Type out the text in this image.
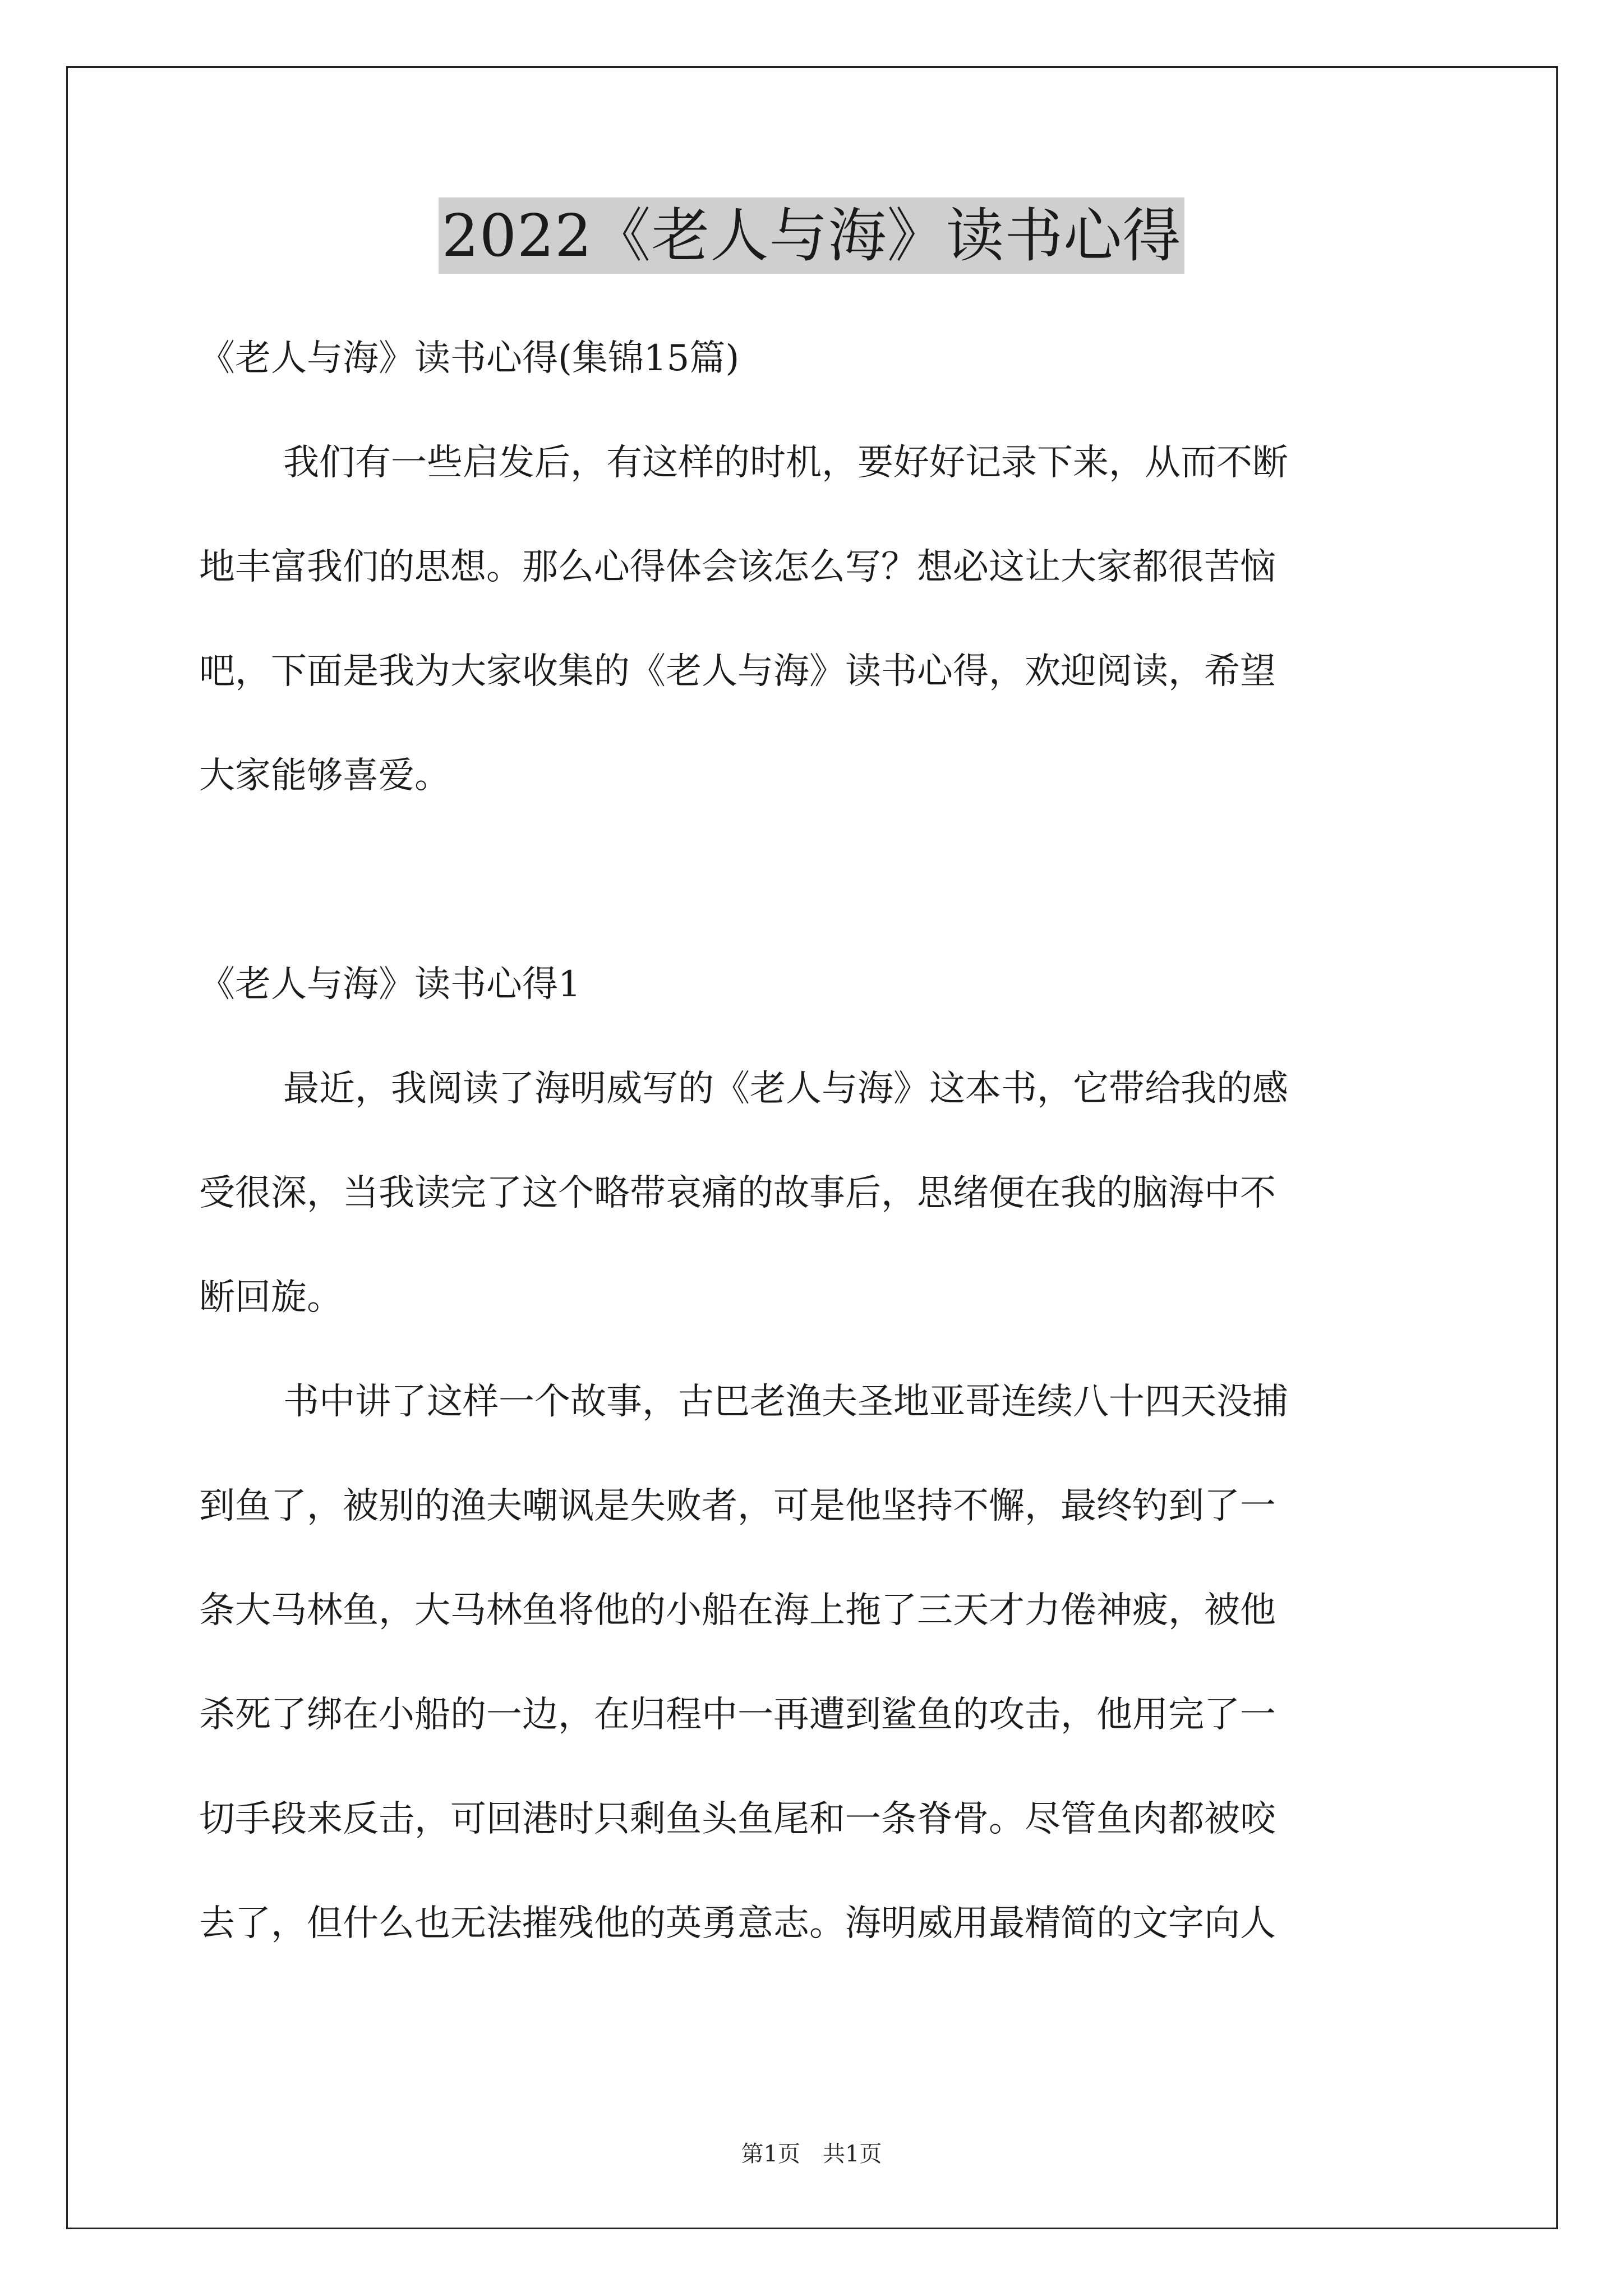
2022《老人与海》读书心得
《老人与海》读书心得(集锦15篇)
我们有一些启发后，有这样的时机，要好好记录下来，从而不断
地丰富我们的思想。那么心得体会该怎么写？想必这让大家都很苦恼
吧，下面是我为大家收集的《老人与海》读书心得，欢迎阅读，希望
大家能够喜爱。
《老人与海》读书心得1
最近，我阅读了海明威写的《老人与海》这本书，它带给我的感
受很深，当我读完了这个略带哀痛的故事后，思绪便在我的脑海中不
断回旋。
书中讲了这样一个故事，古巴老渔夫圣地亚哥连续八十四天没捕
到鱼了，被别的渔夫嘲讽是失败者，可是他坚持不懈，最终钓到了一
条大马林鱼，大马林鱼将他的小船在海上拖了三天才力倦神疲，被他
杀死了绑在小船的一边，在归程中一再遭到鲨鱼的攻击，他用完了一
切手段来反击，可回港时只剩鱼头鱼尾和一条脊骨。尽管鱼肉都被咬
去了，但什么也无法摧残他的英勇意志。海明威用最精简的文字向人
第1页　共1页
